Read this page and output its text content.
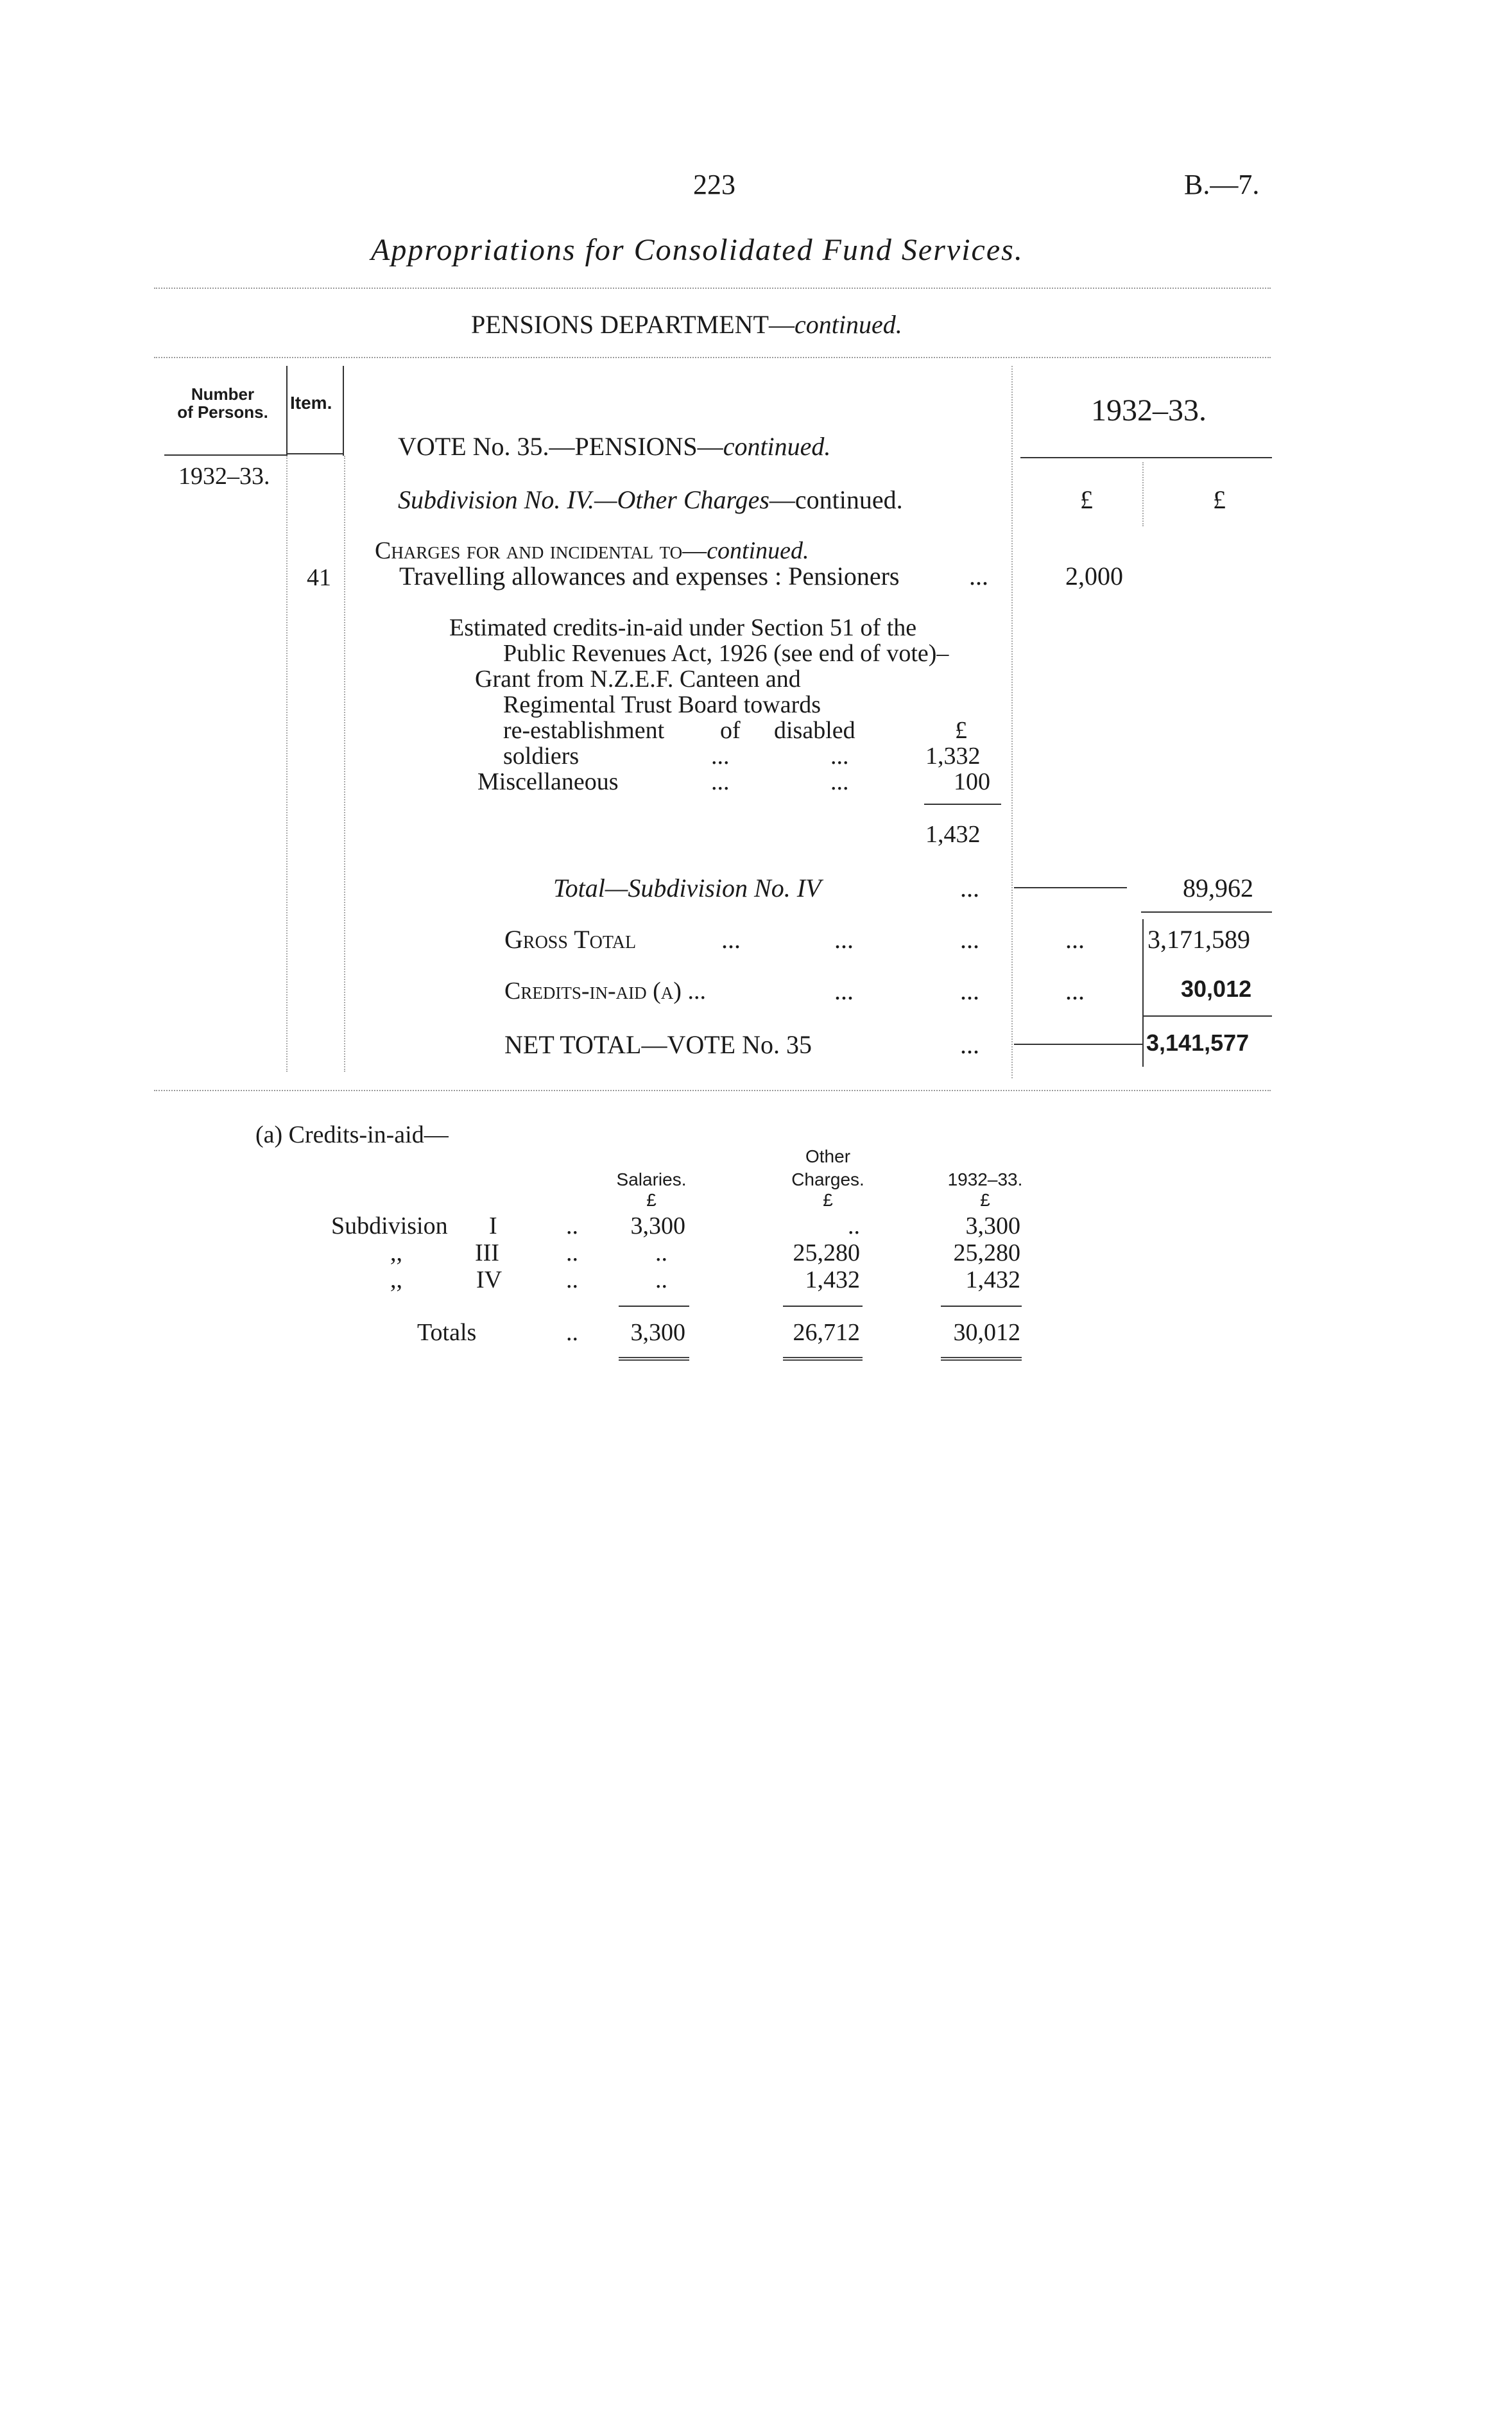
223	B.—7.
Appropriations for Consolidated Fund Services.
PENSIONS DEPARTMENT—continued.
Number
of Persons.	Item.
1932–33.
1932–33.
£	£
VOTE No. 35.—PENSIONS—continued.
Subdivision No. IV.—Other Charges—continued.
Charges for and incidental to—continued.
41	Travelling allowances and expenses : Pensioners	...	2,000
Estimated credits-in-aid under Section 51 of the
Public Revenues Act, 1926 (see end of vote)–
Grant from N.Z.E.F. Canteen and
Regimental Trust Board towards
re-establishment of disabled	£
soldiers	...	...	1,332
Miscellaneous	...	...	100
1,432
Total—Subdivision No. IV	...	89,962
Gross Total	...	...	...	... 3,171,589
Credits-in-aid (a) ...	...	...	...	30,012
NET TOTAL—VOTE No. 35	...	3,141,577
(a) Credits-in-aid—
Other
Salaries.	Charges.	1932–33.
£	£	£
Subdivision I	..	3,300	..	3,300
,,	III	..	..	25,280	25,280
,,	IV	..	..	1,432	1,432
Totals	..	3,300	26,712	30,012
